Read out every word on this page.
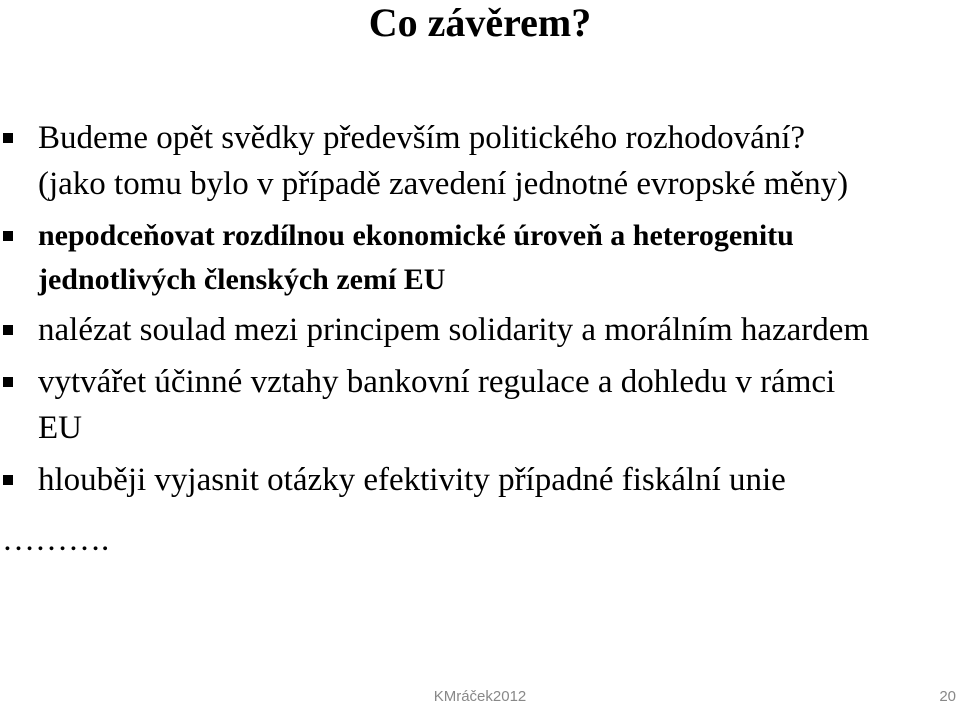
Co závěrem?
Budeme opět svědky především politického rozhodování?
(jako tomu bylo v případě zavedení jednotné evropské měny)
nepodceňovat rozdílnou ekonomické úroveň a heterogenitu
jednotlivých členských zemí EU
nalézat soulad mezi principem solidarity a morálním hazardem
vytvářet účinné vztahy bankovní regulace a dohledu v rámci
EU
hlouběji vyjasnit otázky efektivity případné fiskální unie
……….
KMráček2012	20
